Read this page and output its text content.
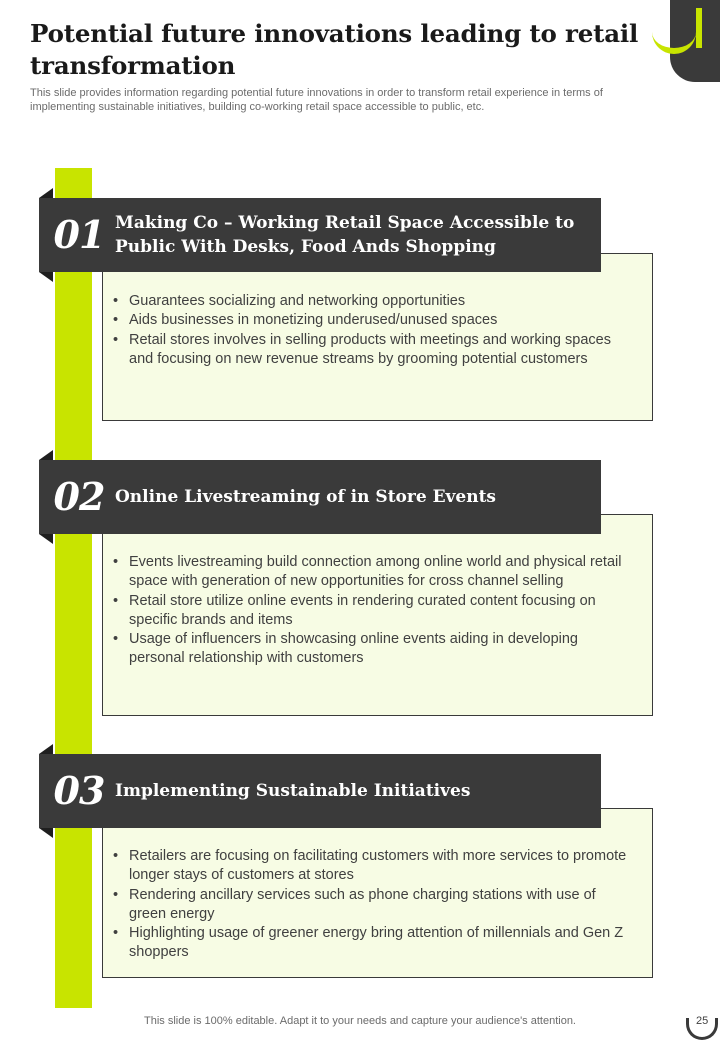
Potential future innovations leading to retail transformation

This slide provides information regarding potential future innovations in order to transform retail experience in terms of implementing sustainable initiatives, building co-working retail space accessible to public, etc.

• Guarantees socializing and networking opportunities
• Aids businesses in monetizing underused/unused spaces
• Retail stores involves in selling products with meetings and working spaces and focusing on new revenue streams by grooming potential customers
01 Making Co – Working Retail Space Accessible to Public With Desks, Food Ands Shopping
• Events livestreaming build connection among online world and physical retail space with generation of new opportunities for cross channel selling
• Retail store utilize online events in rendering curated content focusing on specific brands and items
• Usage of influencers in showcasing online events aiding in developing personal relationship with customers
02 Online Livestreaming of in Store Events
• Retailers are focusing on facilitating customers with more services to promote longer stays of customers at stores
• Rendering ancillary services such as phone charging stations with use of green energy
• Highlighting usage of greener energy bring attention of millennials and Gen Z shoppers
03 Implementing Sustainable Initiatives

This slide is 100% editable. Adapt it to your needs and capture your audience's attention.	25
